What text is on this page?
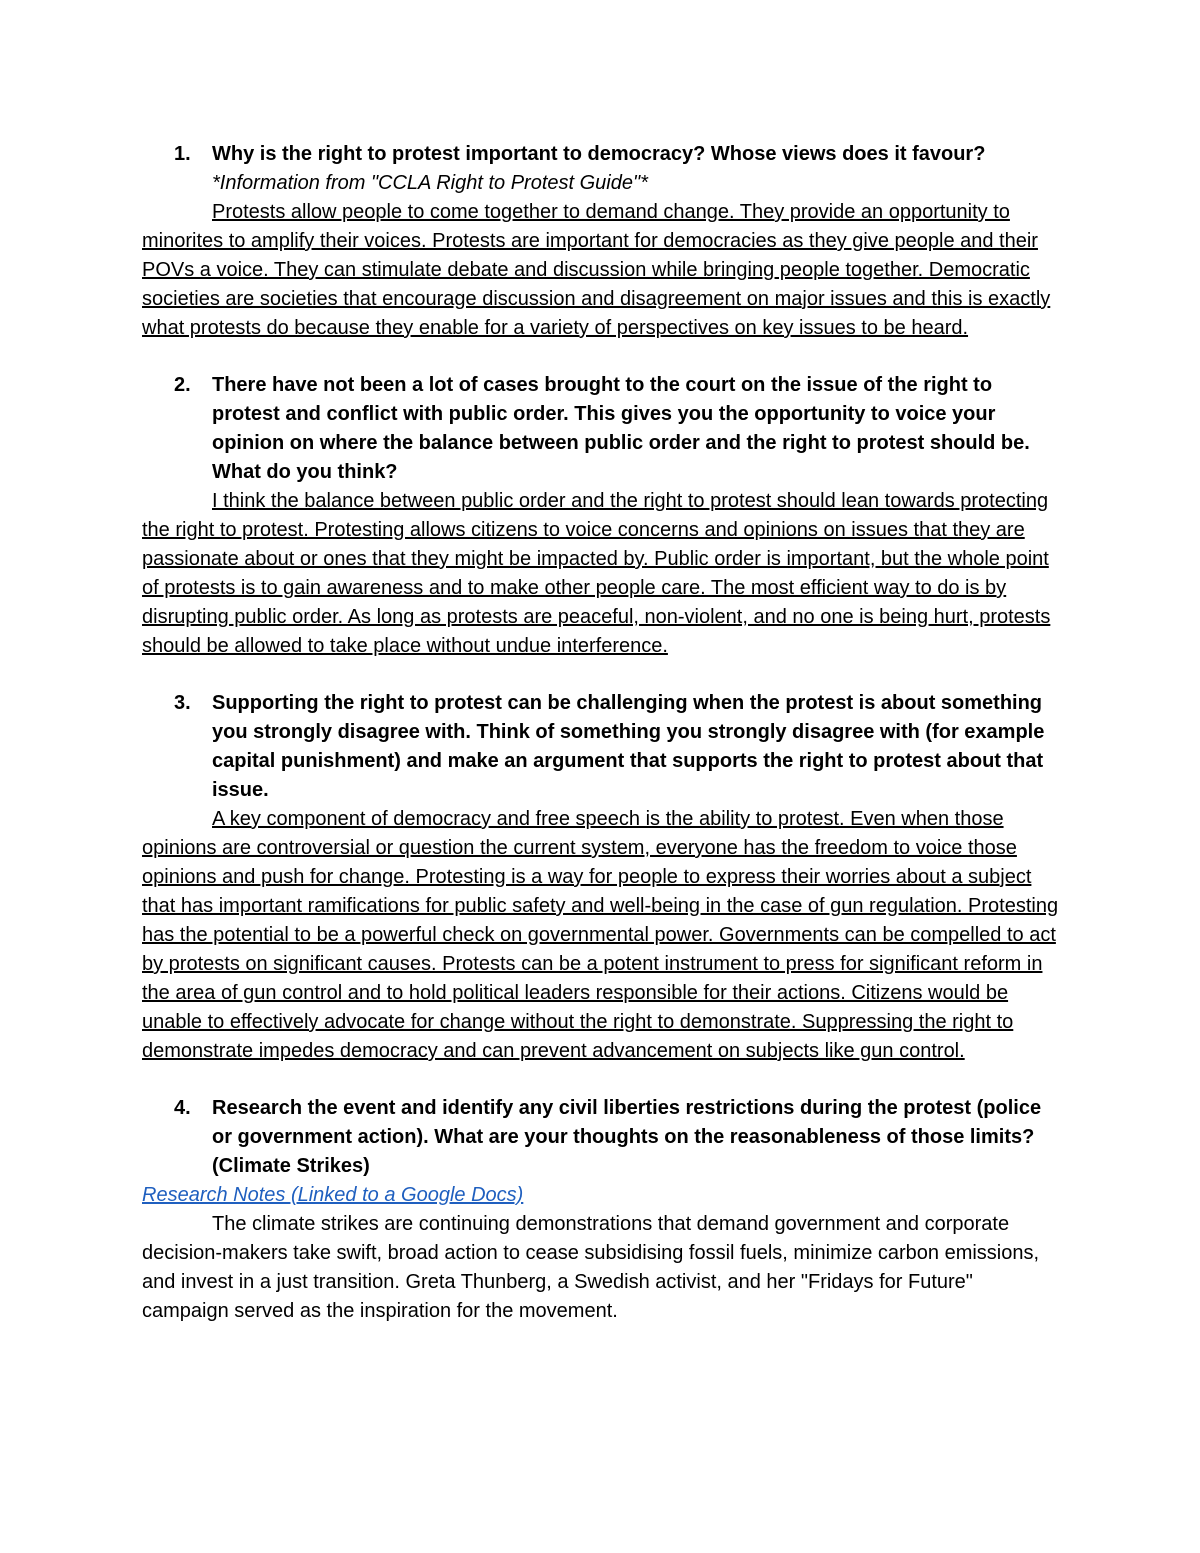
1. Why is the right to protest important to democracy? Whose views does it favour?
*Information from "CCLA Right to Protest Guide"*

Protests allow people to come together to demand change. They provide an opportunity to minorites to amplify their voices. Protests are important for democracies as they give people and their POVs a voice. They can stimulate debate and discussion while bringing people together. Democratic societies are societies that encourage discussion and disagreement on major issues and this is exactly what protests do because they enable for a variety of perspectives on key issues to be heard.

2. There have not been a lot of cases brought to the court on the issue of the right to protest and conflict with public order. This gives you the opportunity to voice your opinion on where the balance between public order and the right to protest should be. What do you think?

I think the balance between public order and the right to protest should lean towards protecting the right to protest. Protesting allows citizens to voice concerns and opinions on issues that they are passionate about or ones that they might be impacted by. Public order is important, but the whole point of protests is to gain awareness and to make other people care. The most efficient way to do is by disrupting public order. As long as protests are peaceful, non-violent, and no one is being hurt, protests should be allowed to take place without undue interference.

3. Supporting the right to protest can be challenging when the protest is about something you strongly disagree with. Think of something you strongly disagree with (for example capital punishment) and make an argument that supports the right to protest about that issue.

A key component of democracy and free speech is the ability to protest. Even when those opinions are controversial or question the current system, everyone has the freedom to voice those opinions and push for change. Protesting is a way for people to express their worries about a subject that has important ramifications for public safety and well-being in the case of gun regulation. Protesting has the potential to be a powerful check on governmental power. Governments can be compelled to act by protests on significant causes. Protests can be a potent instrument to press for significant reform in the area of gun control and to hold political leaders responsible for their actions. Citizens would be unable to effectively advocate for change without the right to demonstrate. Suppressing the right to demonstrate impedes democracy and can prevent advancement on subjects like gun control.

4. Research the event and identify any civil liberties restrictions during the protest (police or government action). What are your thoughts on the reasonableness of those limits?(Climate Strikes)
Research Notes (Linked to a Google Docs)

The climate strikes are continuing demonstrations that demand government and corporate decision-makers take swift, broad action to cease subsidising fossil fuels, minimize carbon emissions, and invest in a just transition. Greta Thunberg, a Swedish activist, and her "Fridays for Future" campaign served as the inspiration for the movement.
